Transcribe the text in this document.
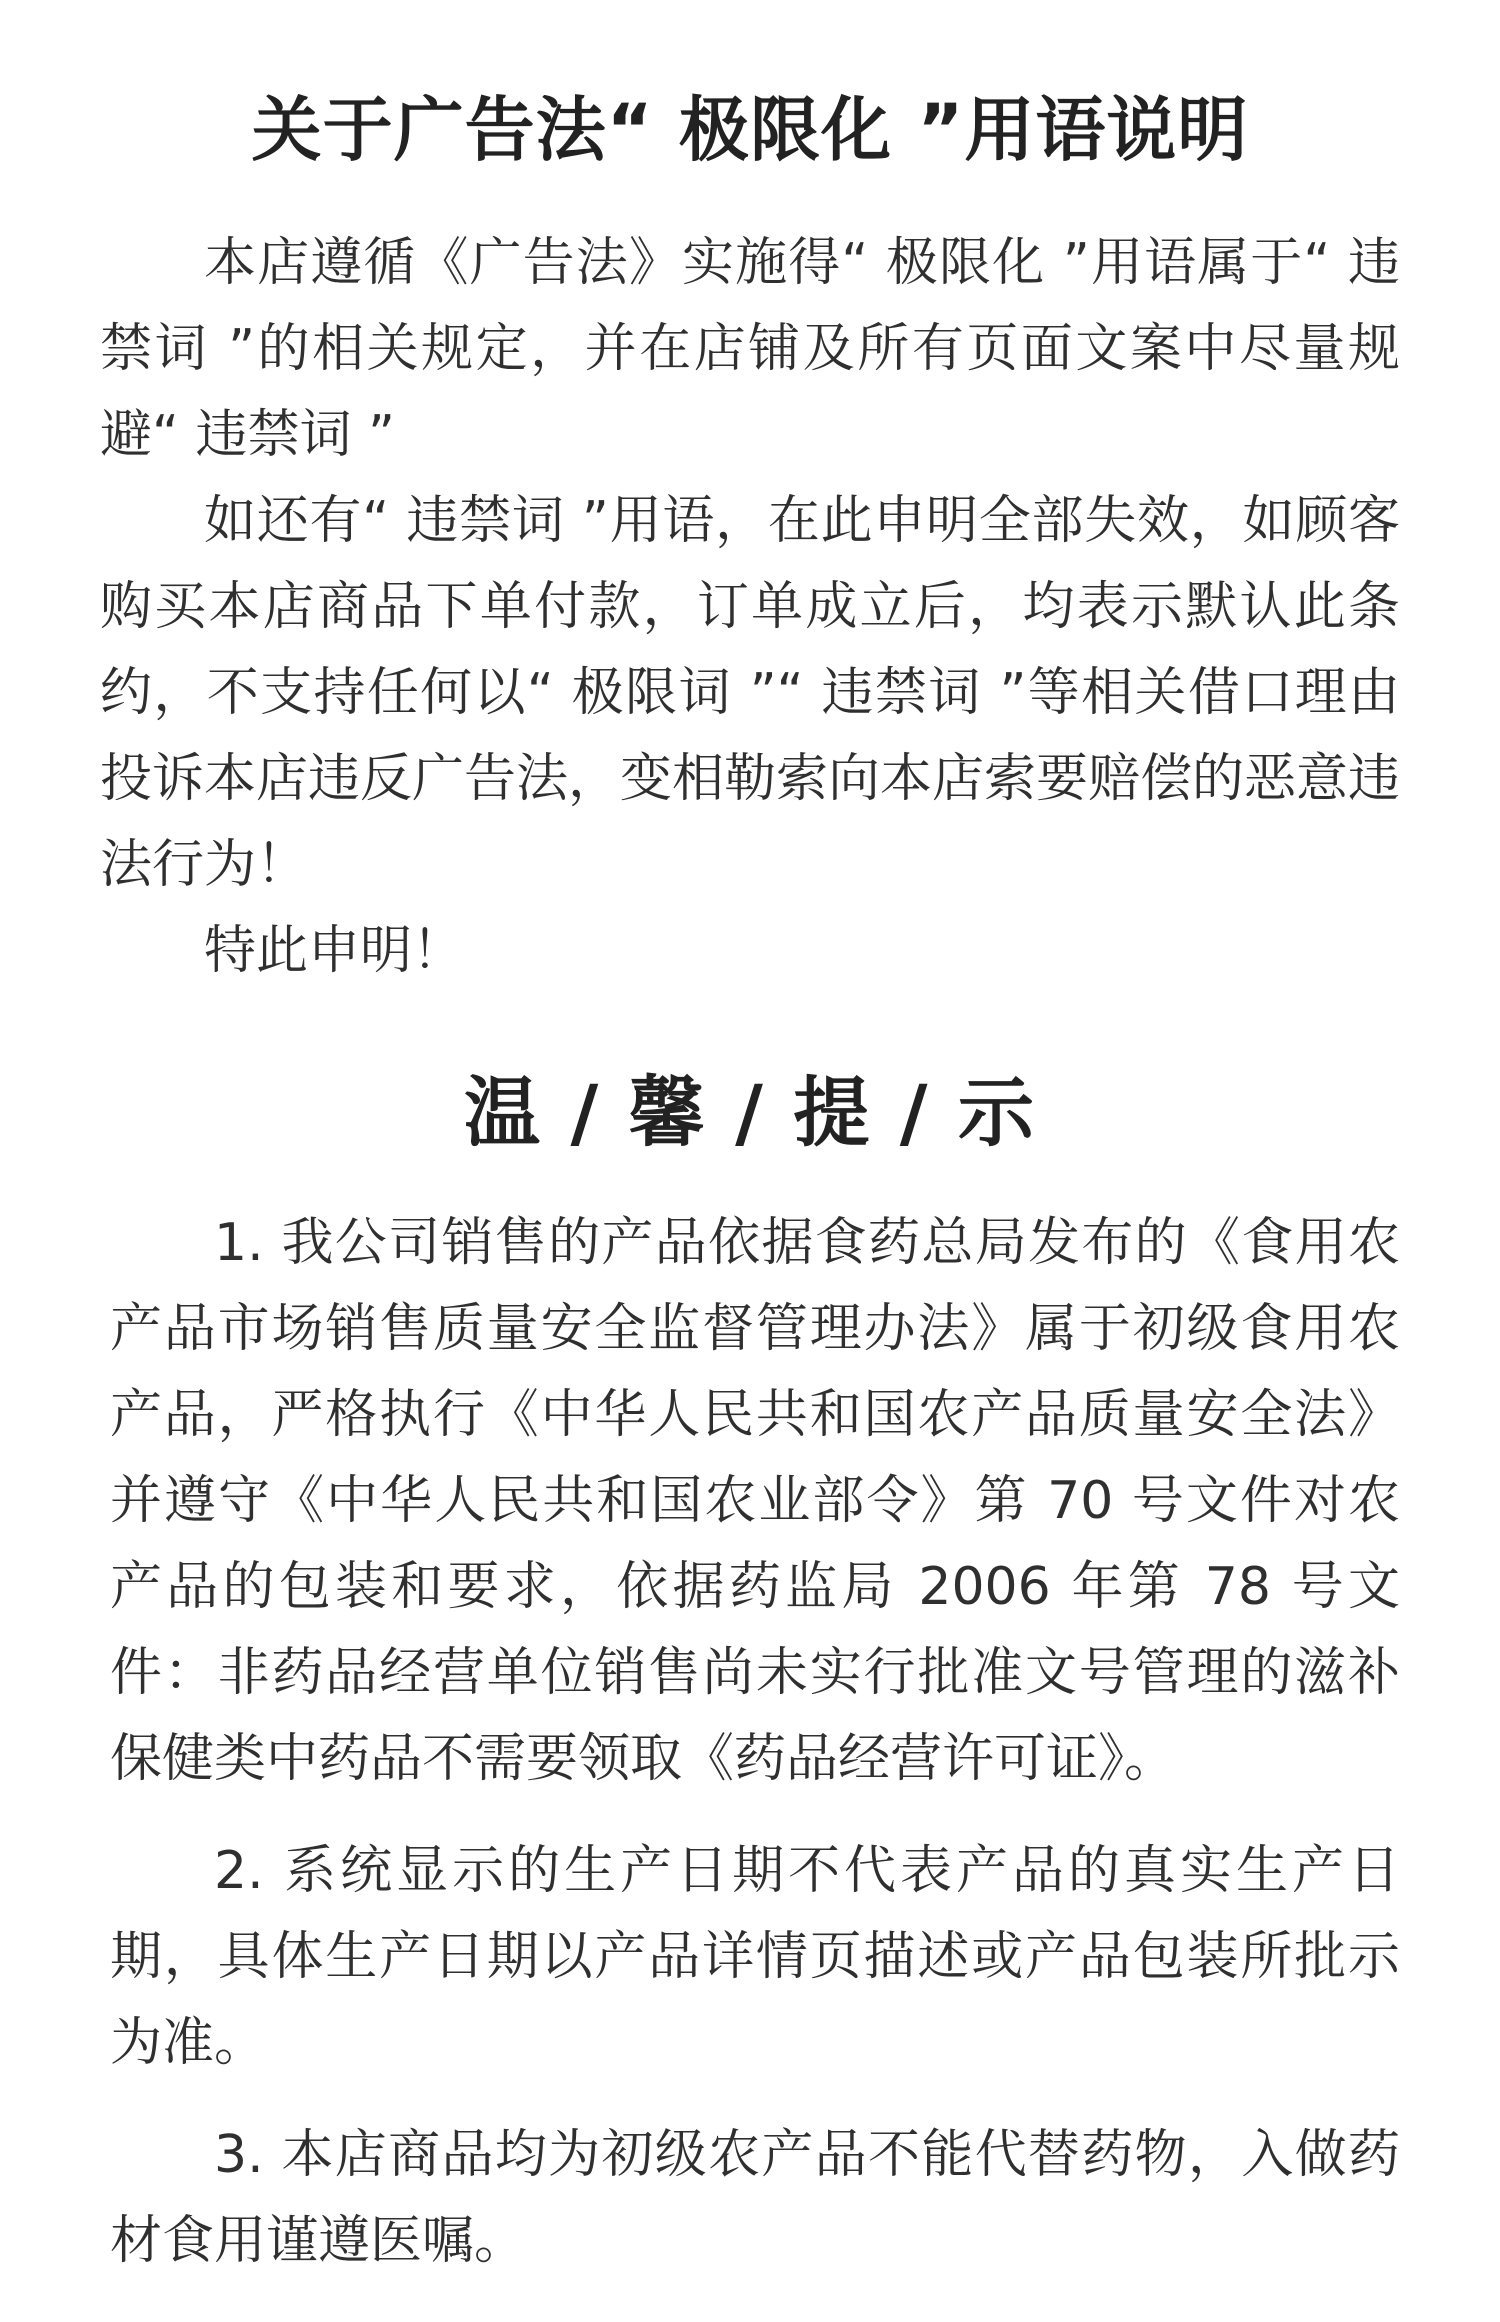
关于广告法“ 极限化 ”用语说明

本店遵循《广告法》实施得“ 极限化 ”用语属于“ 违禁词 ”的相关规定，并在店铺及所有页面文案中尽量规避“ 违禁词 ”

如还有“ 违禁词 ”用语，在此申明全部失效，如顾客购买本店商品下单付款，订单成立后，均表示默认此条约，不支持任何以“ 极限词 ”“ 违禁词 ”等相关借口理由投诉本店违反广告法，变相勒索向本店索要赔偿的恶意违法行为！

特此申明！

温 / 馨 / 提 / 示

1. 我公司销售的产品依据食药总局发布的《食用农产品市场销售质量安全监督管理办法》属于初级食用农产品，严格执行《中华人民共和国农产品质量安全法》并遵守《中华人民共和国农业部令》第 70 号文件对农产品的包装和要求，依据药监局 2006 年第 78 号文件：非药品经营单位销售尚未实行批准文号管理的滋补保健类中药品不需要领取《药品经营许可证》。

2. 系统显示的生产日期不代表产品的真实生产日期，具体生产日期以产品详情页描述或产品包装所批示为准。

3. 本店商品均为初级农产品不能代替药物，入做药材食用谨遵医嘱。
